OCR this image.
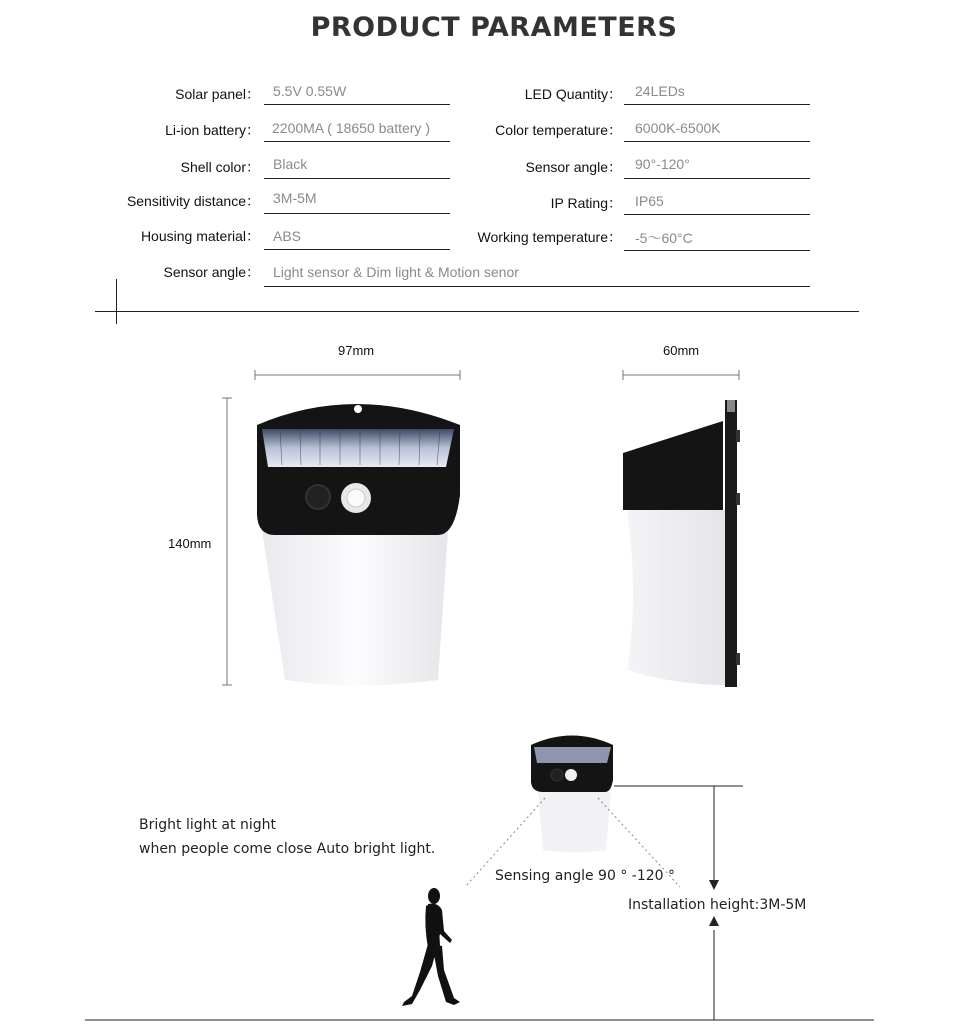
PRODUCT PARAMETERS
Solar panel： 5.5V 0.55W
Li-ion battery： 2200MA ( 18650 battery )
Shell color： Black
Sensitivity distance： 3M-5M
Housing material： ABS
Sensor angle： Light sensor & Dim light & Motion senor
LED Quantity： 24LEDs
Color temperature： 6000K-6500K
Sensor angle： 90°-120°
IP Rating： IP65
Working temperature： -5～60°C
97mm	60mm
140mm
Bright light at night
when people come close Auto bright light.
Sensing angle 90 ° -120 °
Installation height:3M-5M
